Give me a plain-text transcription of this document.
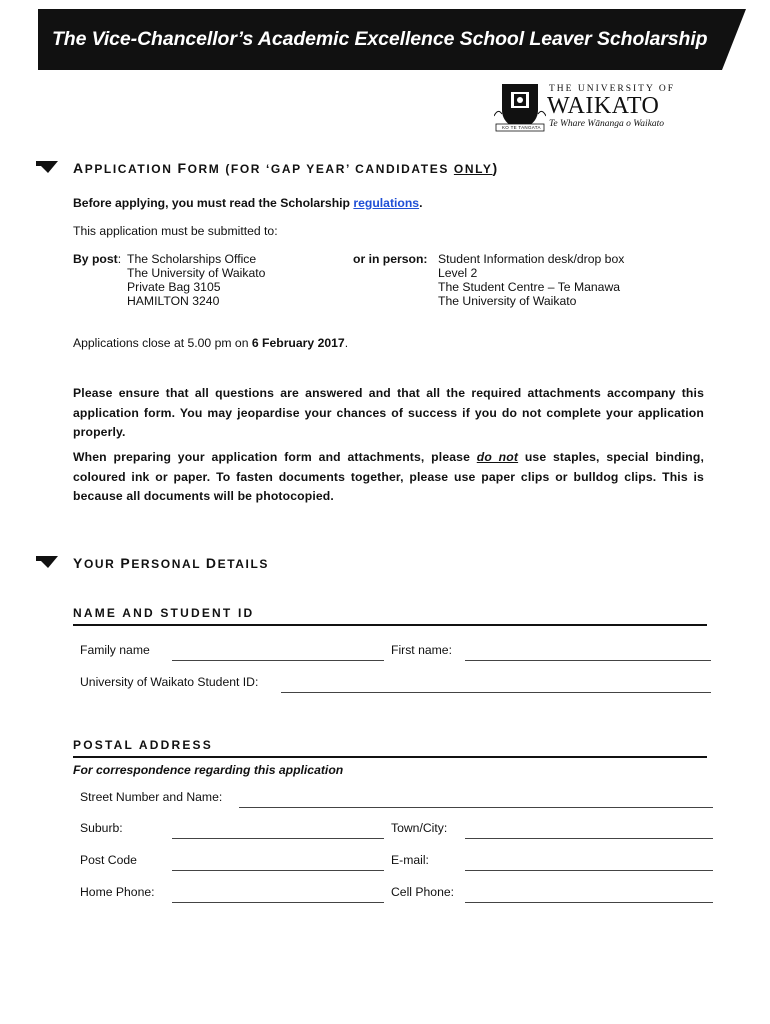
The Vice-Chancellor’s Academic Excellence School Leaver Scholarship
KO TE TANGATA
THE UNIVERSITY OF
WAIKATO
Te Whare Wānanga o Waikato
APPLICATION FORM (FOR ‘GAP YEAR’ CANDIDATES ONLY)
Before applying, you must read the Scholarship regulations.
This application must be submitted to:
By post: The Scholarships Office
The University of Waikato
Private Bag 3105
HAMILTON 3240
or in person: Student Information desk/drop box
Level 2
The Student Centre – Te Manawa
The University of Waikato
Applications close at 5.00 pm on 6 February 2017.
Please ensure that all questions are answered and that all the required attachments accompany this application form. You may jeopardise your chances of success if you do not complete your application properly.
When preparing your application form and attachments, please do not use staples, special binding, coloured ink or paper. To fasten documents together, please use paper clips or bulldog clips. This is because all documents will be photocopied.
YOUR PERSONAL DETAILS
NAME AND STUDENT ID
Family name	First name:
University of Waikato Student ID:
POSTAL ADDRESS
For correspondence regarding this application
Street Number and Name:
Suburb:	Town/City:
Post Code	E-mail:
Home Phone:	Cell Phone:
